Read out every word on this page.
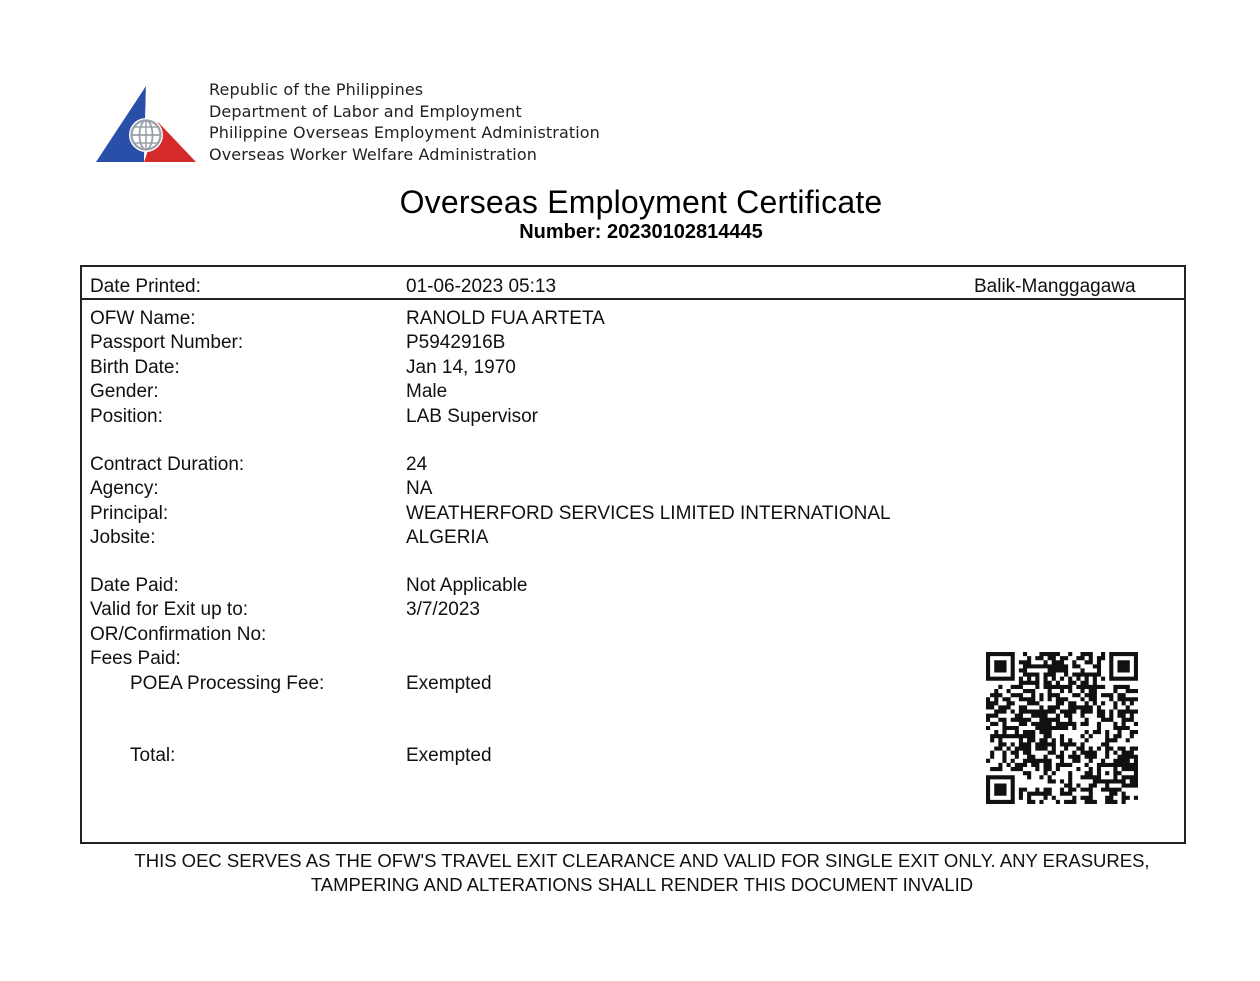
Republic of the Philippines
Department of Labor and Employment
Philippine Overseas Employment Administration
Overseas Worker Welfare Administration
Overseas Employment Certificate
Number: 20230102814445
Date Printed:	01-06-2023 05:13	Balik-Manggagawa
OFW Name:	RANOLD FUA ARTETA
Passport Number:	P5942916B
Birth Date:	Jan 14, 1970
Gender:	Male
Position:	LAB Supervisor
Contract Duration:	24
Agency:	NA
Principal:	WEATHERFORD SERVICES LIMITED INTERNATIONAL
Jobsite:	ALGERIA
Date Paid:	Not Applicable
Valid for Exit up to:	3/7/2023
OR/Confirmation No:
Fees Paid:
POEA Processing Fee:	Exempted
Total:	Exempted
THIS OEC SERVES AS THE OFW'S TRAVEL EXIT CLEARANCE AND VALID FOR SINGLE EXIT ONLY. ANY ERASURES,
TAMPERING AND ALTERATIONS SHALL RENDER THIS DOCUMENT INVALID
